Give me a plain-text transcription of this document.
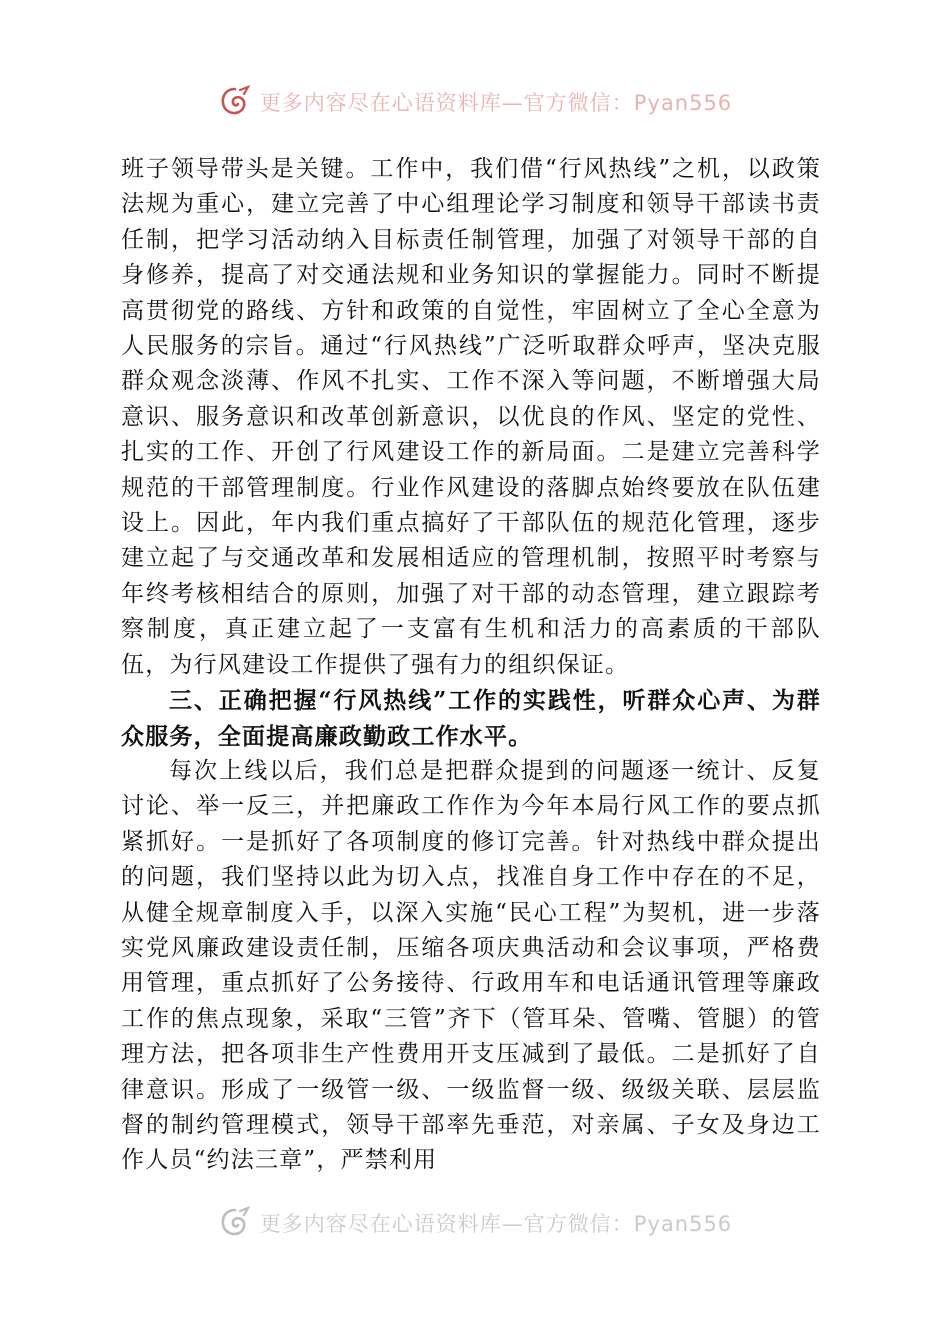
更多内容尽在心语资料库—官方微信：Pyan556

班子领导带头是关键。工作中，我们借“行风热线”之机，以政策法规为重心，建立完善了中心组理论学习制度和领导干部读书责任制，把学习活动纳入目标责任制管理，加强了对领导干部的自身修养，提高了对交通法规和业务知识的掌握能力。同时不断提高贯彻党的路线、方针和政策的自觉性，牢固树立了全心全意为人民服务的宗旨。通过“行风热线”广泛听取群众呼声，坚决克服群众观念淡薄、作风不扎实、工作不深入等问题，不断增强大局意识、服务意识和改革创新意识，以优良的作风、坚定的党性、扎实的工作、开创了行风建设工作的新局面。二是建立完善科学规范的干部管理制度。行业作风建设的落脚点始终要放在队伍建设上。因此，年内我们重点搞好了干部队伍的规范化管理，逐步建立起了与交通改革和发展相适应的管理机制，按照平时考察与年终考核相结合的原则，加强了对干部的动态管理，建立跟踪考察制度，真正建立起了一支富有生机和活力的高素质的干部队伍，为行风建设工作提供了强有力的组织保证。

三、正确把握“行风热线”工作的实践性，听群众心声、为群众服务，全面提高廉政勤政工作水平。

每次上线以后，我们总是把群众提到的问题逐一统计、反复讨论、举一反三，并把廉政工作作为今年本局行风工作的要点抓紧抓好。一是抓好了各项制度的修订完善。针对热线中群众提出的问题，我们坚持以此为切入点，找准自身工作中存在的不足，从健全规章制度入手，以深入实施“民心工程”为契机，进一步落实党风廉政建设责任制，压缩各项庆典活动和会议事项，严格费用管理，重点抓好了公务接待、行政用车和电话通讯管理等廉政工作的焦点现象，采取“三管”齐下（管耳朵、管嘴、管腿）的管理方法，把各项非生产性费用开支压减到了最低。二是抓好了自律意识。形成了一级管一级、一级监督一级、级级关联、层层监督的制约管理模式，领导干部率先垂范，对亲属、子女及身边工作人员“约法三章”，严禁利用

更多内容尽在心语资料库—官方微信：Pyan556
